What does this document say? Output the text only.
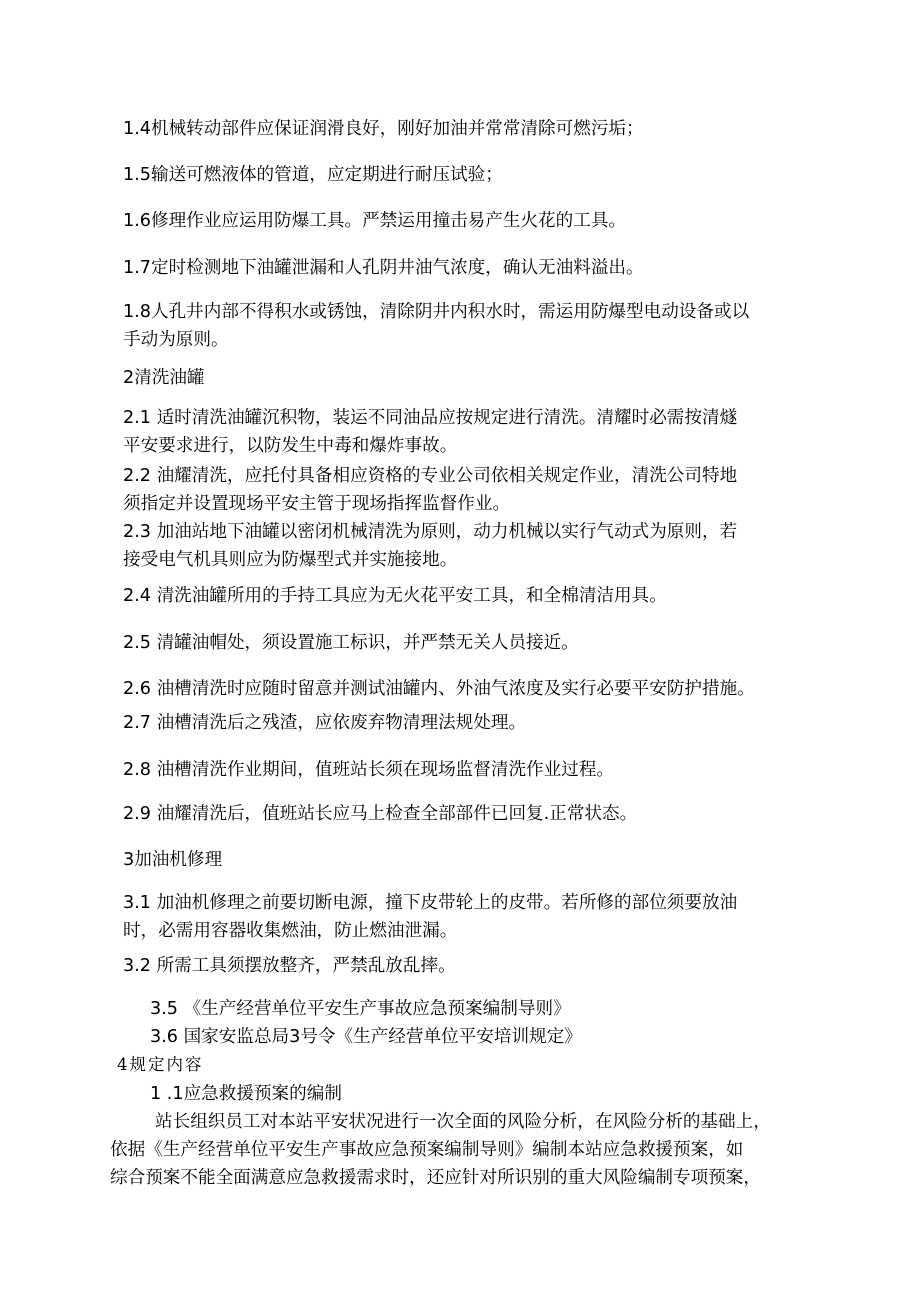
1.4机械转动部件应保证润滑良好，刚好加油并常常清除可燃污垢；
1.5输送可燃液体的管道，应定期进行耐压试验；
1.6修理作业应运用防爆工具。严禁运用撞击易产生火花的工具。
1.7定时检测地下油罐泄漏和人孔阴井油气浓度，确认无油料溢出。
1.8人孔井内部不得积水或锈蚀，清除阴井内积水时，需运用防爆型电动设备或以
手动为原则。
2清洗油罐
2.1 适时清洗油罐沉积物，装运不同油品应按规定进行清洗。清耀时必需按清燧
平安要求进行，以防发生中毒和爆炸事故。
2.2 油耀清洗，应托付具备相应资格的专业公司依相关规定作业，清洗公司特地
须指定并设置现场平安主管于现场指挥监督作业。
2.3 加油站地下油罐以密闭机械清洗为原则，动力机械以实行气动式为原则，若
接受电气机具则应为防爆型式并实施接地。
2.4 清洗油罐所用的手持工具应为无火花平安工具，和全棉清洁用具。
2.5 清罐油帽处，须设置施工标识，并严禁无关人员接近。
2.6 油槽清洗时应随时留意并测试油罐内、外油气浓度及实行必要平安防护措施。
2.7 油槽清洗后之残渣，应依废弃物清理法规处理。
2.8 油槽清洗作业期间，值班站长须在现场监督清洗作业过程。
2.9 油耀清洗后，值班站长应马上检查全部部件已回复.正常状态。
3加油机修理
3.1 加油机修理之前要切断电源，撞下皮带轮上的皮带。若所修的部位须要放油
时，必需用容器收集燃油，防止燃油泄漏。
3.2 所需工具须摆放整齐，严禁乱放乱摔。
3.5 《生产经营单位平安生产事故应急预案编制导则》
3.6 国家安监总局3号令《生产经营单位平安培训规定》
4规定内容
1 .1应急救援预案的编制
站长组织员工对本站平安状况进行一次全面的风险分析，在风险分析的基础上，
依据《生产经营单位平安生产事故应急预案编制导则》编制本站应急救援预案，如
综合预案不能全面满意应急救援需求时，还应针对所识别的重大风险编制专项预案，
